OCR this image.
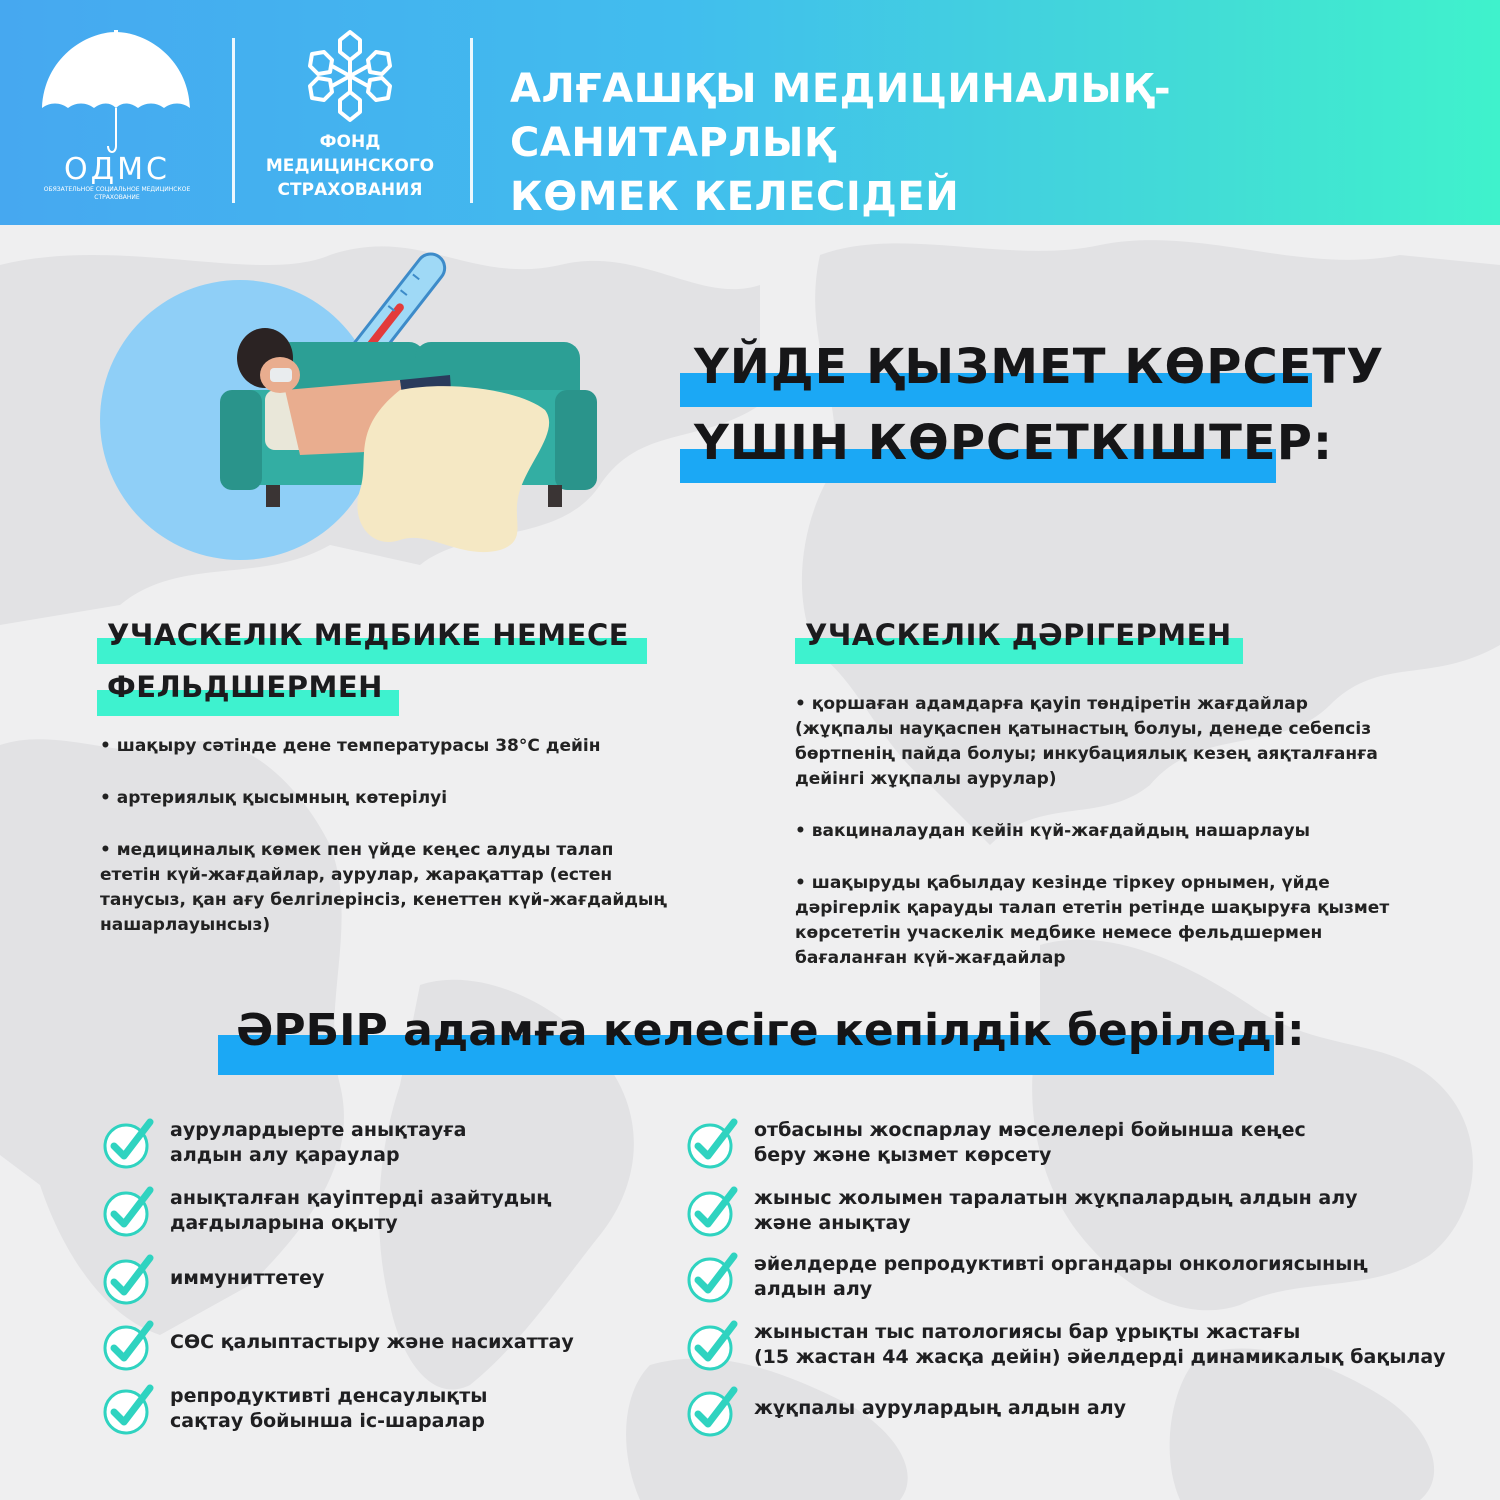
ОДМС
ОБЯЗАТЕЛЬНОЕ СОЦИАЛЬНОЕ МЕДИЦИНСКОЕ СТРАХОВАНИЕ
ФОНД
МЕДИЦИНСКОГО
СТРАХОВАНИЯ
АЛҒАШҚЫ МЕДИЦИНАЛЫҚ-САНИТАРЛЫҚ
КӨМЕК КЕЛЕСІДЕЙ
ҮЙДЕ ҚЫЗМЕТ КӨРСЕТУ
ҮШІН КӨРСЕТКІШТЕР:
УЧАСКЕЛІК МЕДБИКЕ НЕМЕСЕ
ФЕЛЬДШЕРМЕН

• шақыру сәтінде дене температурасы 38°С дейін

• артериялық қысымның көтерілуі

• медициналық көмек пен үйде кеңес алуды талап
ететін күй-жағдайлар, аурулар, жарақаттар (естен
танусыз, қан ағу белгілерінсіз, кенеттен күй-жағдайдың
нашарлауынсыз)

УЧАСКЕЛІК ДӘРІГЕРМЕН

• қоршаған адамдарға қауіп төндіретін жағдайлар
(жұқпалы науқаспен қатынастың болуы, денеде себепсіз
бөртпенің пайда болуы; инкубациялық кезең аяқталғанға
дейінгі жұқпалы аурулар)

• вакциналаудан кейін күй-жағдайдың нашарлауы

• шақыруды қабылдау кезінде тіркеу орнымен, үйде
дәрігерлік қарауды талап ететін ретінде шақыруға қызмет
көрсететін учаскелік медбике немесе фельдшермен
бағаланған күй-жағдайлар

ӘРБІР адамға келесіге кепілдік беріледі:
аурулардыерте анықтауға
алдын алу қараулар
анықталған қауіптерді азайтудың
дағдыларына оқыту
иммуниттетеу
СӨС қалыптастыру және насихаттау
репродуктивті денсаулықты
сақтау бойынша іс-шаралар
отбасыны жоспарлау мәселелері бойынша кеңес
беру және қызмет көрсету
жыныс жолымен таралатын жұқпалардың алдын алу
және анықтау
әйелдерде репродуктивті органдары онкологиясының
алдын алу
жыныстан тыс патологиясы бар ұрықты жастағы
(15 жастан 44 жасқа дейін) әйелдерді динамикалық бақылау
жұқпалы аурулардың алдын алу
